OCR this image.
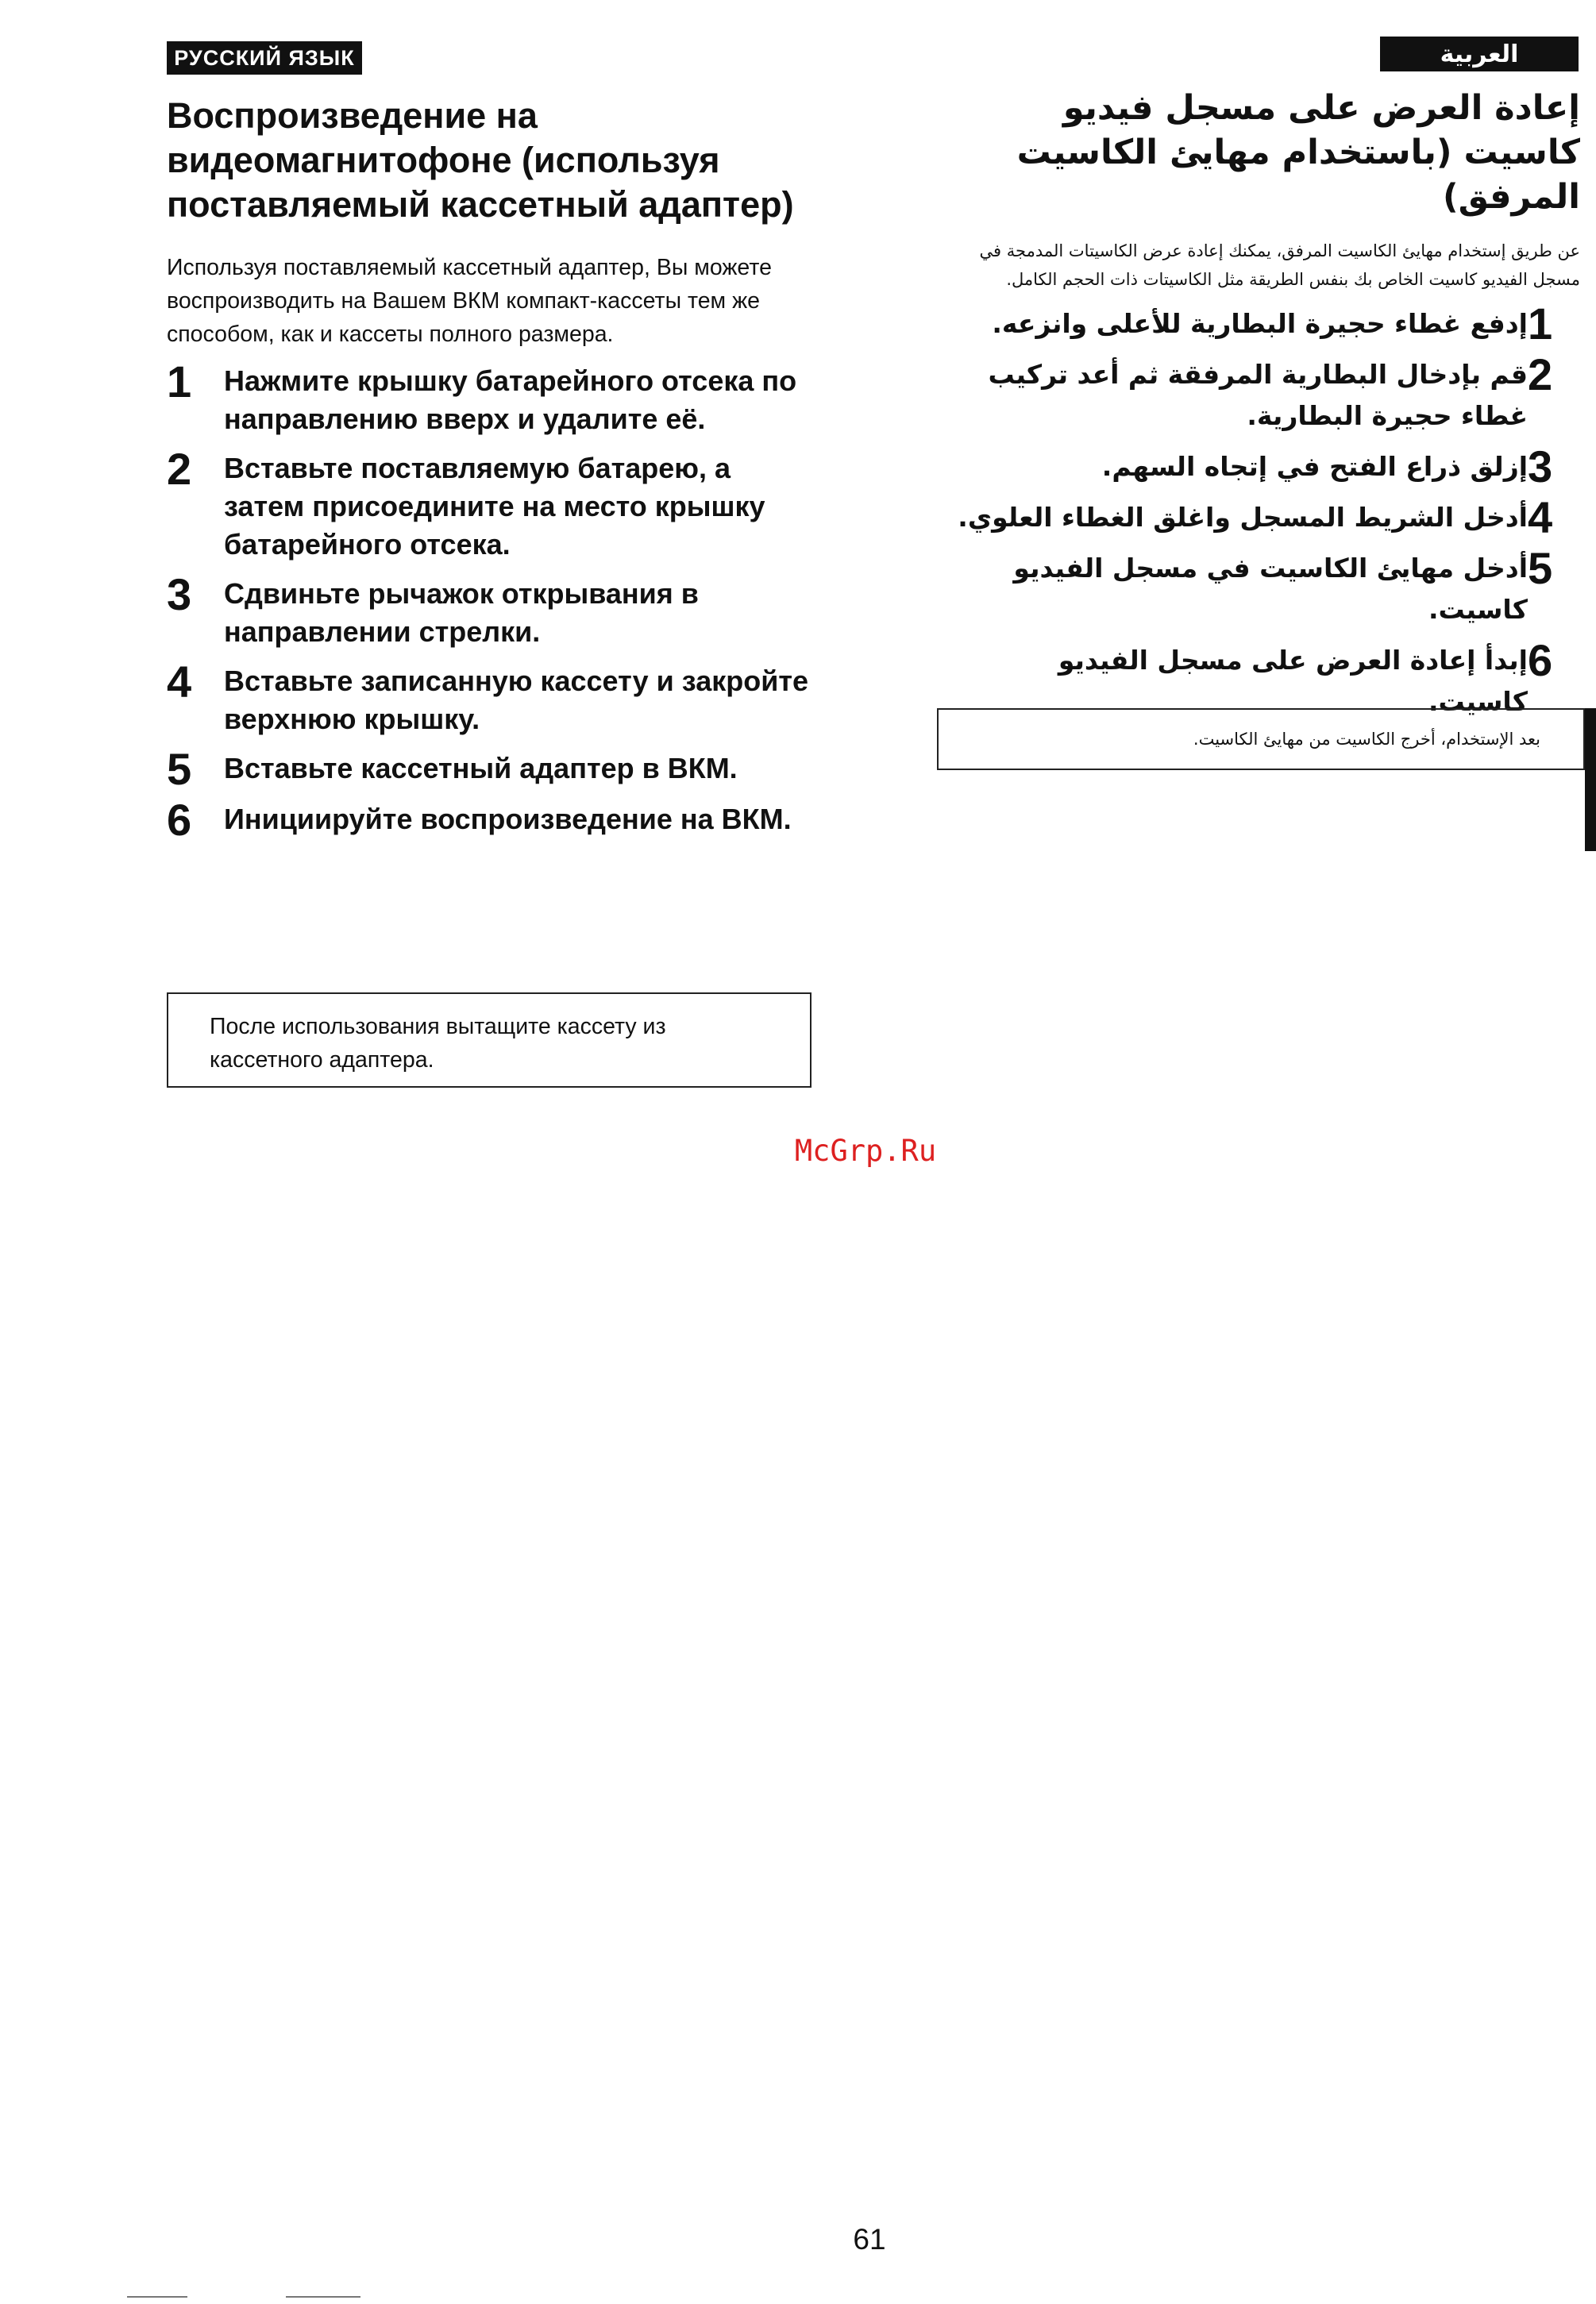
РУССКИЙ ЯЗЫК	العربية
Воспроизведение на видеомагнитофоне (используя поставляемый кассетный адаптер)

Используя поставляемый кассетный адаптер, Вы можете воспроизводить на Вашем ВКМ компакт-кассеты тем же способом, как и кассеты полного размера.

1	Нажмите крышку батарейного отсека по направлению вверх и удалите её.
2	Вставьте поставляемую батарею, а затем присоедините на место крышку батарейного отсека.
3	Сдвиньте рычажок открывания в направлении стрелки.
4	Вставьте записанную кассету и закройте верхнюю крышку.
5	Вставьте кассетный адаптер в ВКМ.
6	Инициируйте воспроизведение на ВКМ.
После использования вытащите кассету из кассетного адаптера.
إعادة العرض على مسجل فيديو كاسيت (باستخدام مهايئ الكاسيت المرفق)

عن طريق إستخدام مهايئ الكاسيت المرفق، يمكنك إعادة عرض الكاسيتات المدمجة في مسجل الفيديو كاسيت الخاص بك بنفس الطريقة مثل الكاسيتات ذات الحجم الكامل.

1
إدفع غطاء حجيرة البطارية للأعلى وانزعه.
2
قم بإدخال البطارية المرفقة ثم أعد تركيب غطاء حجيرة البطارية.
3
إزلق ذراع الفتح في إتجاه السهم.
4
أدخل الشريط المسجل واغلق الغطاء العلوي.
5
أدخل مهايئ الكاسيت في مسجل الفيديو كاسيت.
6
إبدأ إعادة العرض على مسجل الفيديو كاسيت.
بعد الإستخدام، أخرج الكاسيت من مهايئ الكاسيت.
McGrp.Ru
61
